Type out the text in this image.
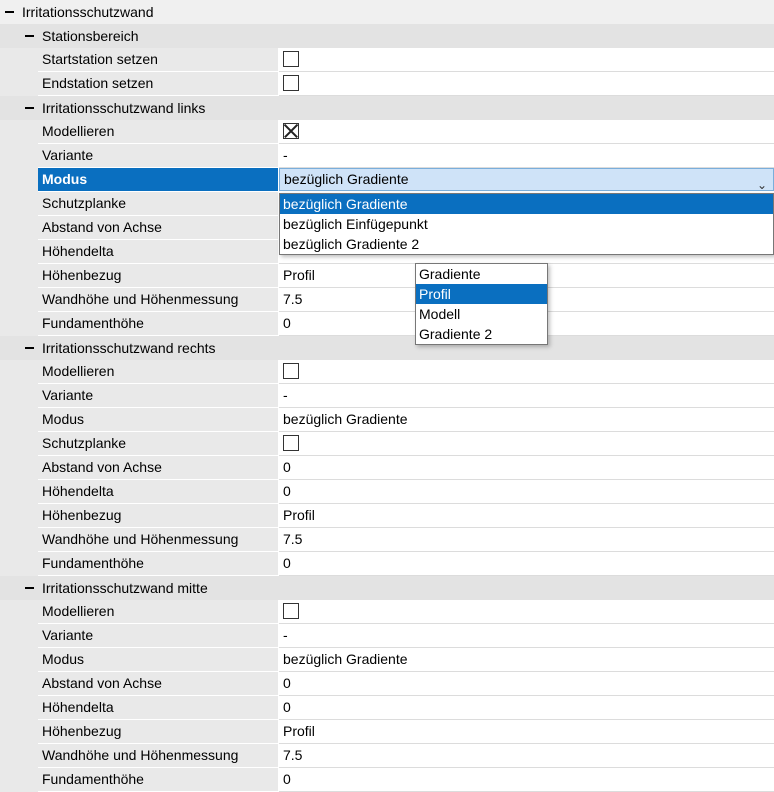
Irritationsschutzwand
Stationsbereich
Startstation setzen
Endstation setzen
Irritationsschutzwand links
Modellieren
Variante	-
Modus	bezüglich Gradiente	⌄
Schutzplanke
Abstand von Achse
Höhendelta
Höhenbezug	Profil
Wandhöhe und Höhenmessung	7.5
Fundamenthöhe	0
Irritationsschutzwand rechts
Modellieren
Variante	-
Modus	bezüglich Gradiente
Schutzplanke
Abstand von Achse	0
Höhendelta	0
Höhenbezug	Profil
Wandhöhe und Höhenmessung	7.5
Fundamenthöhe	0
Irritationsschutzwand mitte
Modellieren
Variante	-
Modus	bezüglich Gradiente
Abstand von Achse	0
Höhendelta	0
Höhenbezug	Profil
Wandhöhe und Höhenmessung	7.5
Fundamenthöhe	0
bezüglich Gradiente
bezüglich Einfügepunkt
bezüglich Gradiente 2
Gradiente
Profil
Modell
Gradiente 2
